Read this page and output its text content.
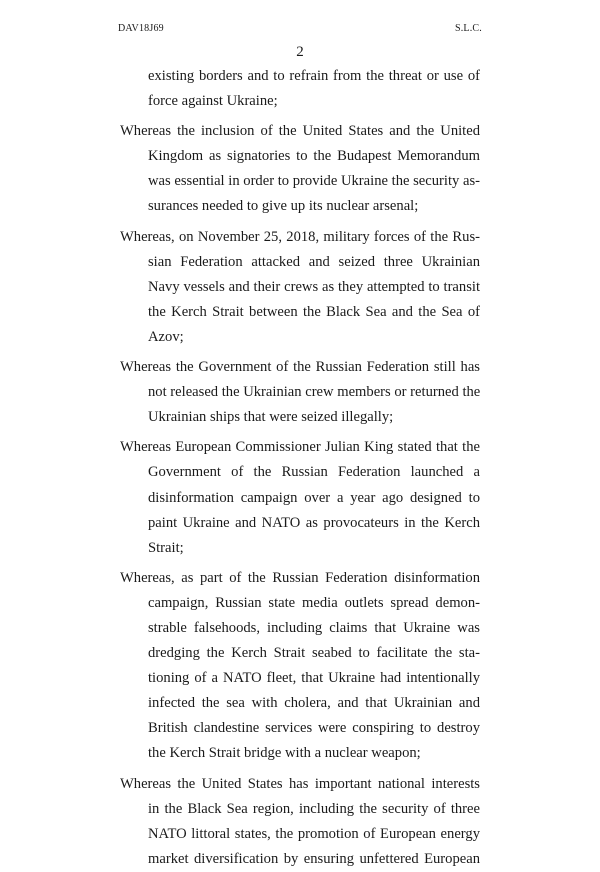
DAV18J69	S.L.C.
2
existing borders and to refrain from the threat or use of
force against Ukraine;
Whereas the inclusion of the United States and the United
Kingdom as signatories to the Budapest Memorandum
was essential in order to provide Ukraine the security as-
surances needed to give up its nuclear arsenal;
Whereas, on November 25, 2018, military forces of the Rus-
sian Federation attacked and seized three Ukrainian
Navy vessels and their crews as they attempted to transit
the Kerch Strait between the Black Sea and the Sea of
Azov;
Whereas the Government of the Russian Federation still has
not released the Ukrainian crew members or returned the
Ukrainian ships that were seized illegally;
Whereas European Commissioner Julian King stated that the
Government of the Russian Federation launched a
disinformation campaign over a year ago designed to
paint Ukraine and NATO as provocateurs in the Kerch
Strait;
Whereas, as part of the Russian Federation disinformation
campaign, Russian state media outlets spread demon-
strable falsehoods, including claims that Ukraine was
dredging the Kerch Strait seabed to facilitate the sta-
tioning of a NATO fleet, that Ukraine had intentionally
infected the sea with cholera, and that Ukrainian and
British clandestine services were conspiring to destroy
the Kerch Strait bridge with a nuclear weapon;
Whereas the United States has important national interests
in the Black Sea region, including the security of three
NATO littoral states, the promotion of European energy
market diversification by ensuring unfettered European
